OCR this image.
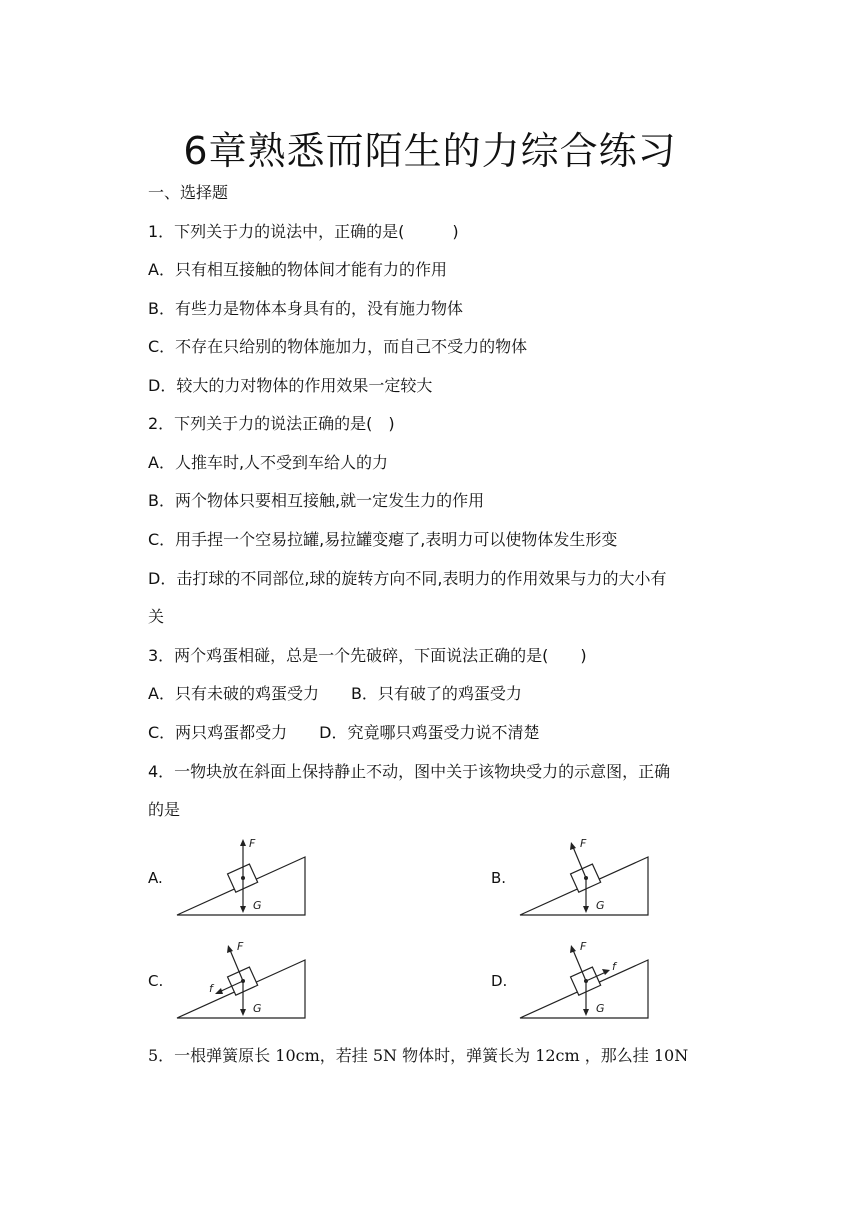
6章熟悉而陌生的力综合练习
一、选择题
1．下列关于力的说法中，正确的是(　　　)
A．只有相互接触的物体间才能有力的作用
B．有些力是物体本身具有的，没有施力物体
C．不存在只给别的物体施加力，而自己不受力的物体
D．较大的力对物体的作用效果一定较大
2．下列关于力的说法正确的是(　)
A．人推车时,人不受到车给人的力
B．两个物体只要相互接触,就一定发生力的作用
C．用手捏一个空易拉罐,易拉罐变瘪了,表明力可以使物体发生形变
D．击打球的不同部位,球的旋转方向不同,表明力的作用效果与力的大小有
关
3．两个鸡蛋相碰，总是一个先破碎，下面说法正确的是(　　)
A．只有未破的鸡蛋受力　　B．只有破了的鸡蛋受力
C．两只鸡蛋都受力　　D．究竟哪只鸡蛋受力说不清楚
4．一物块放在斜面上保持静止不动，图中关于该物块受力的示意图，正确
的是
A.	B.
C.	D.
F
G
F
G
F
G
f
F
G
f
5．一根弹簧原长 10cm，若挂 5N 物体时，弹簧长为 12cm ，那么挂 10N
